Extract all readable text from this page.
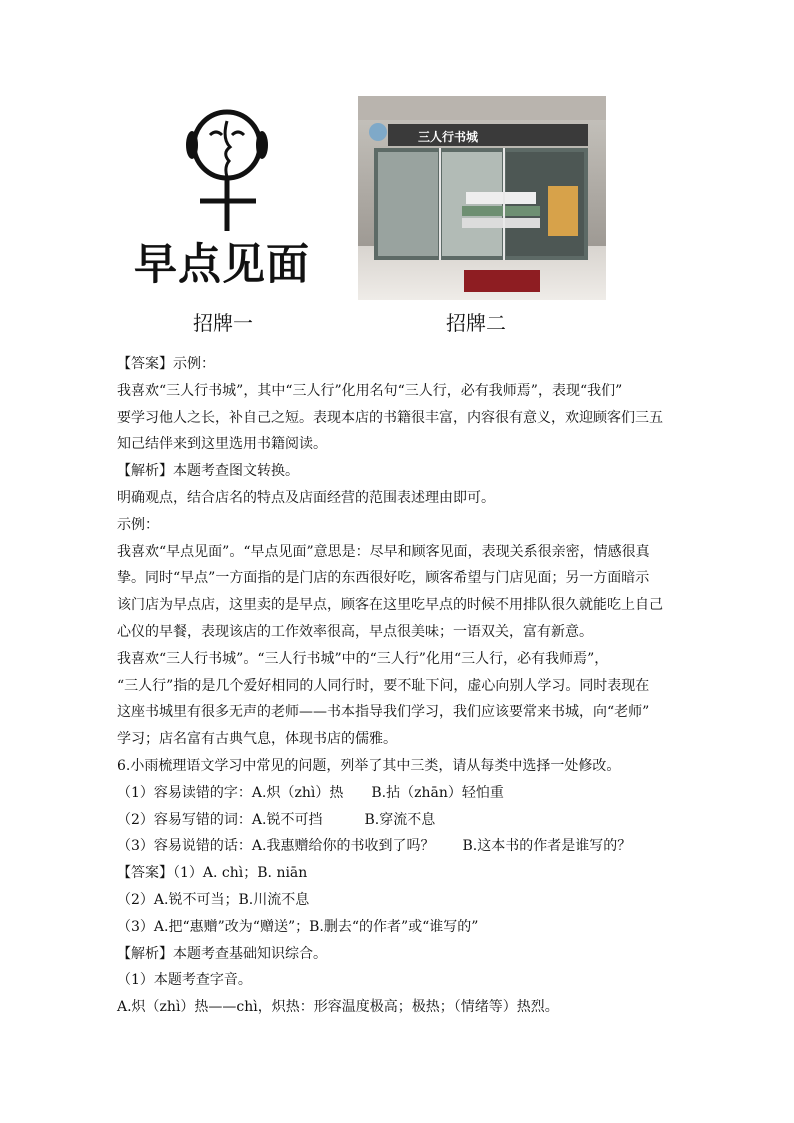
早点见面
三人行书城
招牌一	招牌二
【答案】示例：
我喜欢“三人行书城”，其中“三人行”化用名句“三人行，必有我师焉”，表现“我们”
要学习他人之长，补自己之短。表现本店的书籍很丰富，内容很有意义，欢迎顾客们三五
知己结伴来到这里选用书籍阅读。
【解析】本题考查图文转换。
明确观点，结合店名的特点及店面经营的范围表述理由即可。
示例：
我喜欢“早点见面”。“早点见面”意思是：尽早和顾客见面，表现关系很亲密，情感很真
挚。同时“早点”一方面指的是门店的东西很好吃，顾客希望与门店见面；另一方面暗示
该门店为早点店，这里卖的是早点，顾客在这里吃早点的时候不用排队很久就能吃上自己
心仪的早餐，表现该店的工作效率很高，早点很美味；一语双关，富有新意。
我喜欢“三人行书城”。“三人行书城”中的“三人行”化用“三人行，必有我师焉”，
“三人行”指的是几个爱好相同的人同行时，要不耻下问，虚心向别人学习。同时表现在
这座书城里有很多无声的老师——书本指导我们学习，我们应该要常来书城，向“老师”
学习；店名富有古典气息，体现书店的儒雅。
6.小雨梳理语文学习中常见的问题，列举了其中三类，请从每类中选择一处修改。
（1）容易读错的字：A.炽（zhì）热　　B.拈（zhān）轻怕重
（2）容易写错的词：A.锐不可挡　　　B.穿流不息
（3）容易说错的话：A.我惠赠给你的书收到了吗？　　B.这本书的作者是谁写的？
【答案】（1）A. chì；B. niān
（2）A.锐不可当；B.川流不息
（3）A.把“惠赠”改为“赠送”；B.删去“的作者”或“谁写的”
【解析】本题考查基础知识综合。
（1）本题考查字音。
A.炽（zhì）热——chì，炽热：形容温度极高；极热；（情绪等）热烈。
